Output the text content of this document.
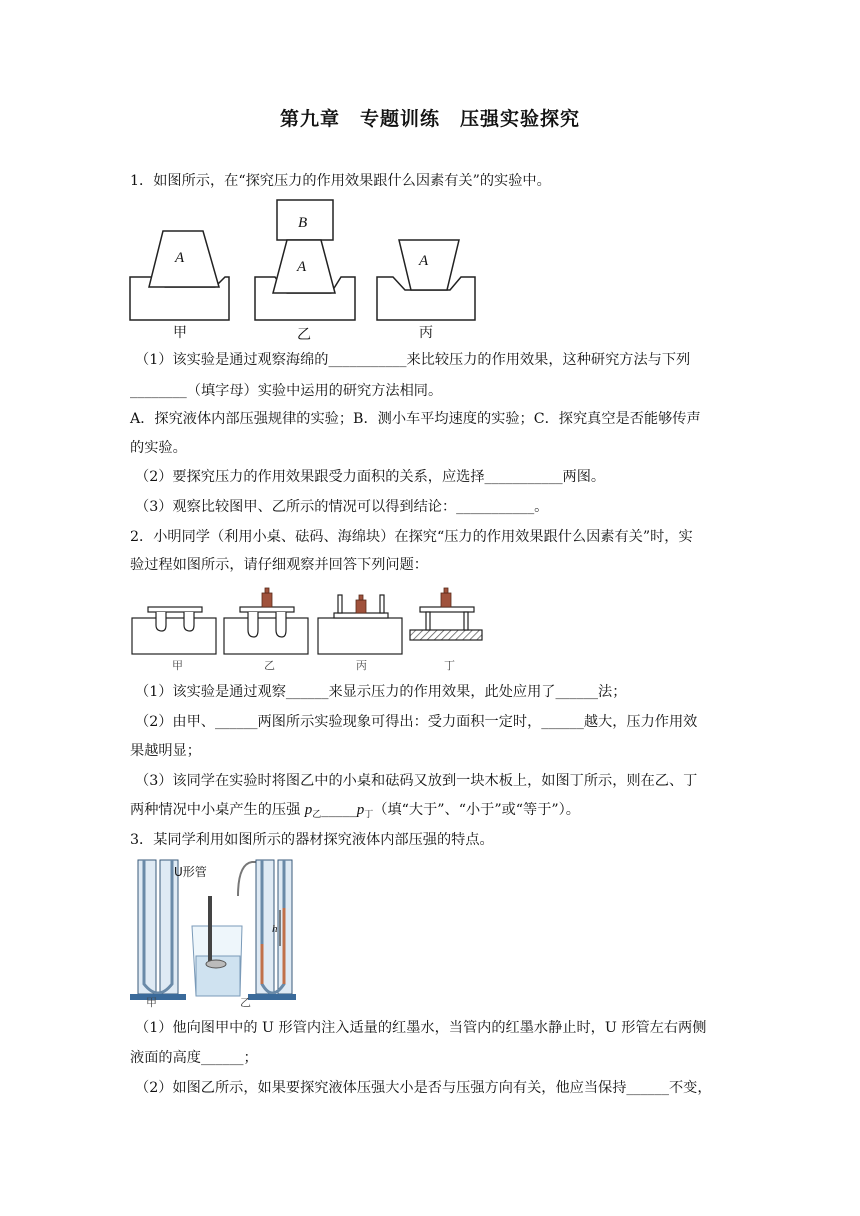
第九章　专题训练　压强实验探究
1．如图所示，在“探究压力的作用效果跟什么因素有关”的实验中。
A
B
A	A
甲	乙	丙
（1）该实验是通过观察海绵的___________来比较压力的作用效果，这种研究方法与下列
________（填字母）实验中运用的研究方法相同。
A．探究液体内部压强规律的实验；B．测小车平均速度的实验；C．探究真空是否能够传声
的实验。
（2）要探究压力的作用效果跟受力面积的关系，应选择___________两图。
（3）观察比较图甲、乙所示的情况可以得到结论：___________。
2．小明同学（利用小桌、砝码、海绵块）在探究“压力的作用效果跟什么因素有关”时，实
验过程如图所示，请仔细观察并回答下列问题：
甲	乙	丙	丁
（1）该实验是通过观察______来显示压力的作用效果，此处应用了______法；
（2）由甲、______两图所示实验现象可得出：受力面积一定时，______越大，压力作用效
果越明显；
（3）该同学在实验时将图乙中的小桌和砝码又放到一块木板上，如图丁所示，则在乙、丁
两种情况中小桌产生的压强 $p_乙\_\_\_\_\_p_丁$（填“大于”、“小于”或“等于”）。
3．某同学利用如图所示的器材探究液体内部压强的特点。
U形管
h
甲	乙
（1）他向图甲中的 U 形管内注入适量的红墨水，当管内的红墨水静止时，U 形管左右两侧
液面的高度______；
（2）如图乙所示，如果要探究液体压强大小是否与压强方向有关，他应当保持______不变，
